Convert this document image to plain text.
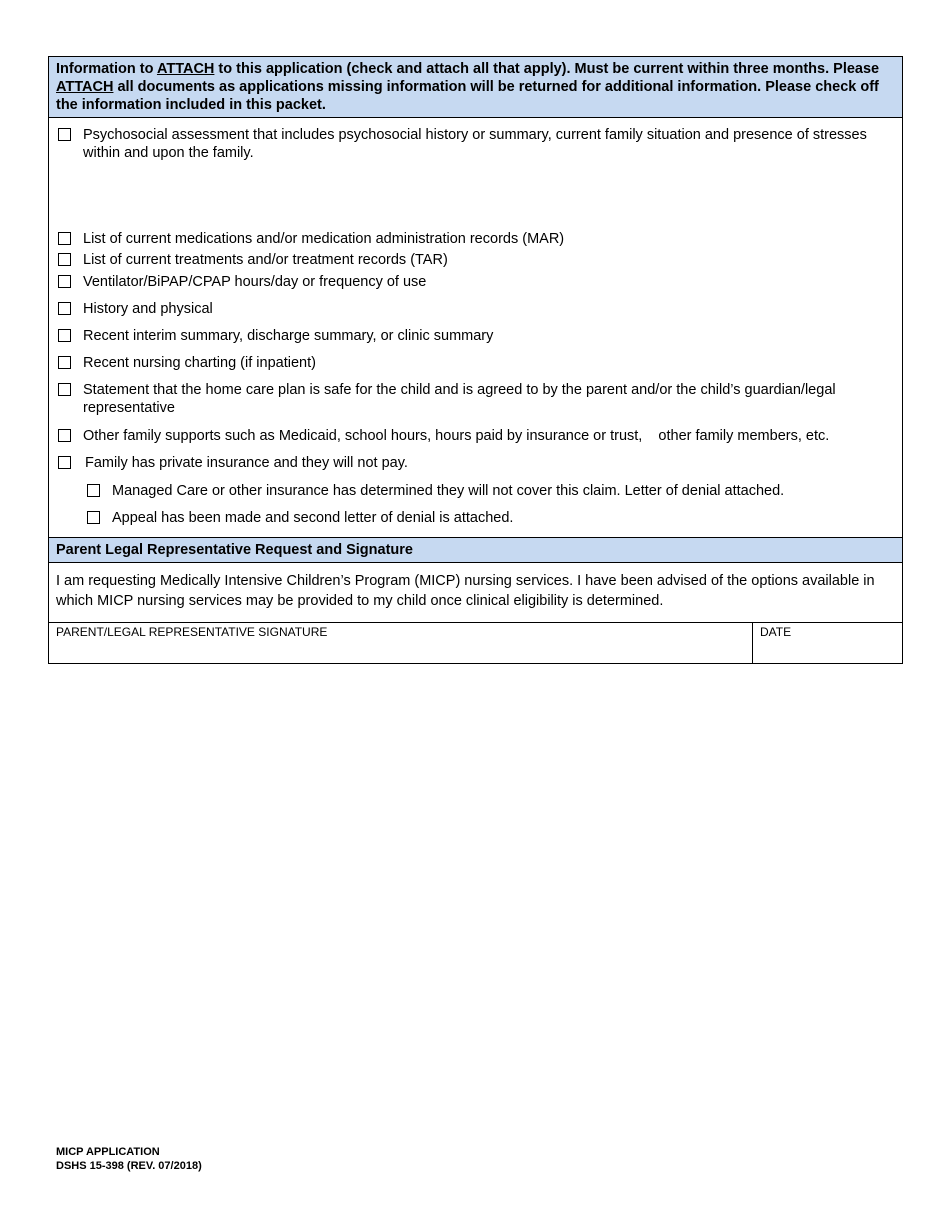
Information to ATTACH to this application (check and attach all that apply). Must be current within three months. Please ATTACH all documents as applications missing information will be returned for additional information. Please check off the information included in this packet.
Psychosocial assessment that includes psychosocial history or summary, current family situation and presence of stresses within and upon the family.
List of current medications and/or medication administration records (MAR)
List of current treatments and/or treatment records (TAR)
Ventilator/BiPAP/CPAP hours/day or frequency of use
History and physical
Recent interim summary, discharge summary, or clinic summary
Recent nursing charting (if inpatient)
Statement that the home care plan is safe for the child and is agreed to by the parent and/or the child’s guardian/legal representative
Other family supports such as Medicaid, school hours, hours paid by insurance or trust,    other family members, etc.
Family has private insurance and they will not pay.
Managed Care or other insurance has determined they will not cover this claim. Letter of denial attached.
Appeal has been made and second letter of denial is attached.
Parent Legal Representative Request and Signature
I am requesting Medically Intensive Children’s Program (MICP) nursing services. I have been advised of the options available in which MICP nursing services may be provided to my child once clinical eligibility is determined.
PARENT/LEGAL REPRESENTATIVE SIGNATURE	DATE
MICP APPLICATION
DSHS 15-398 (REV. 07/2018)
